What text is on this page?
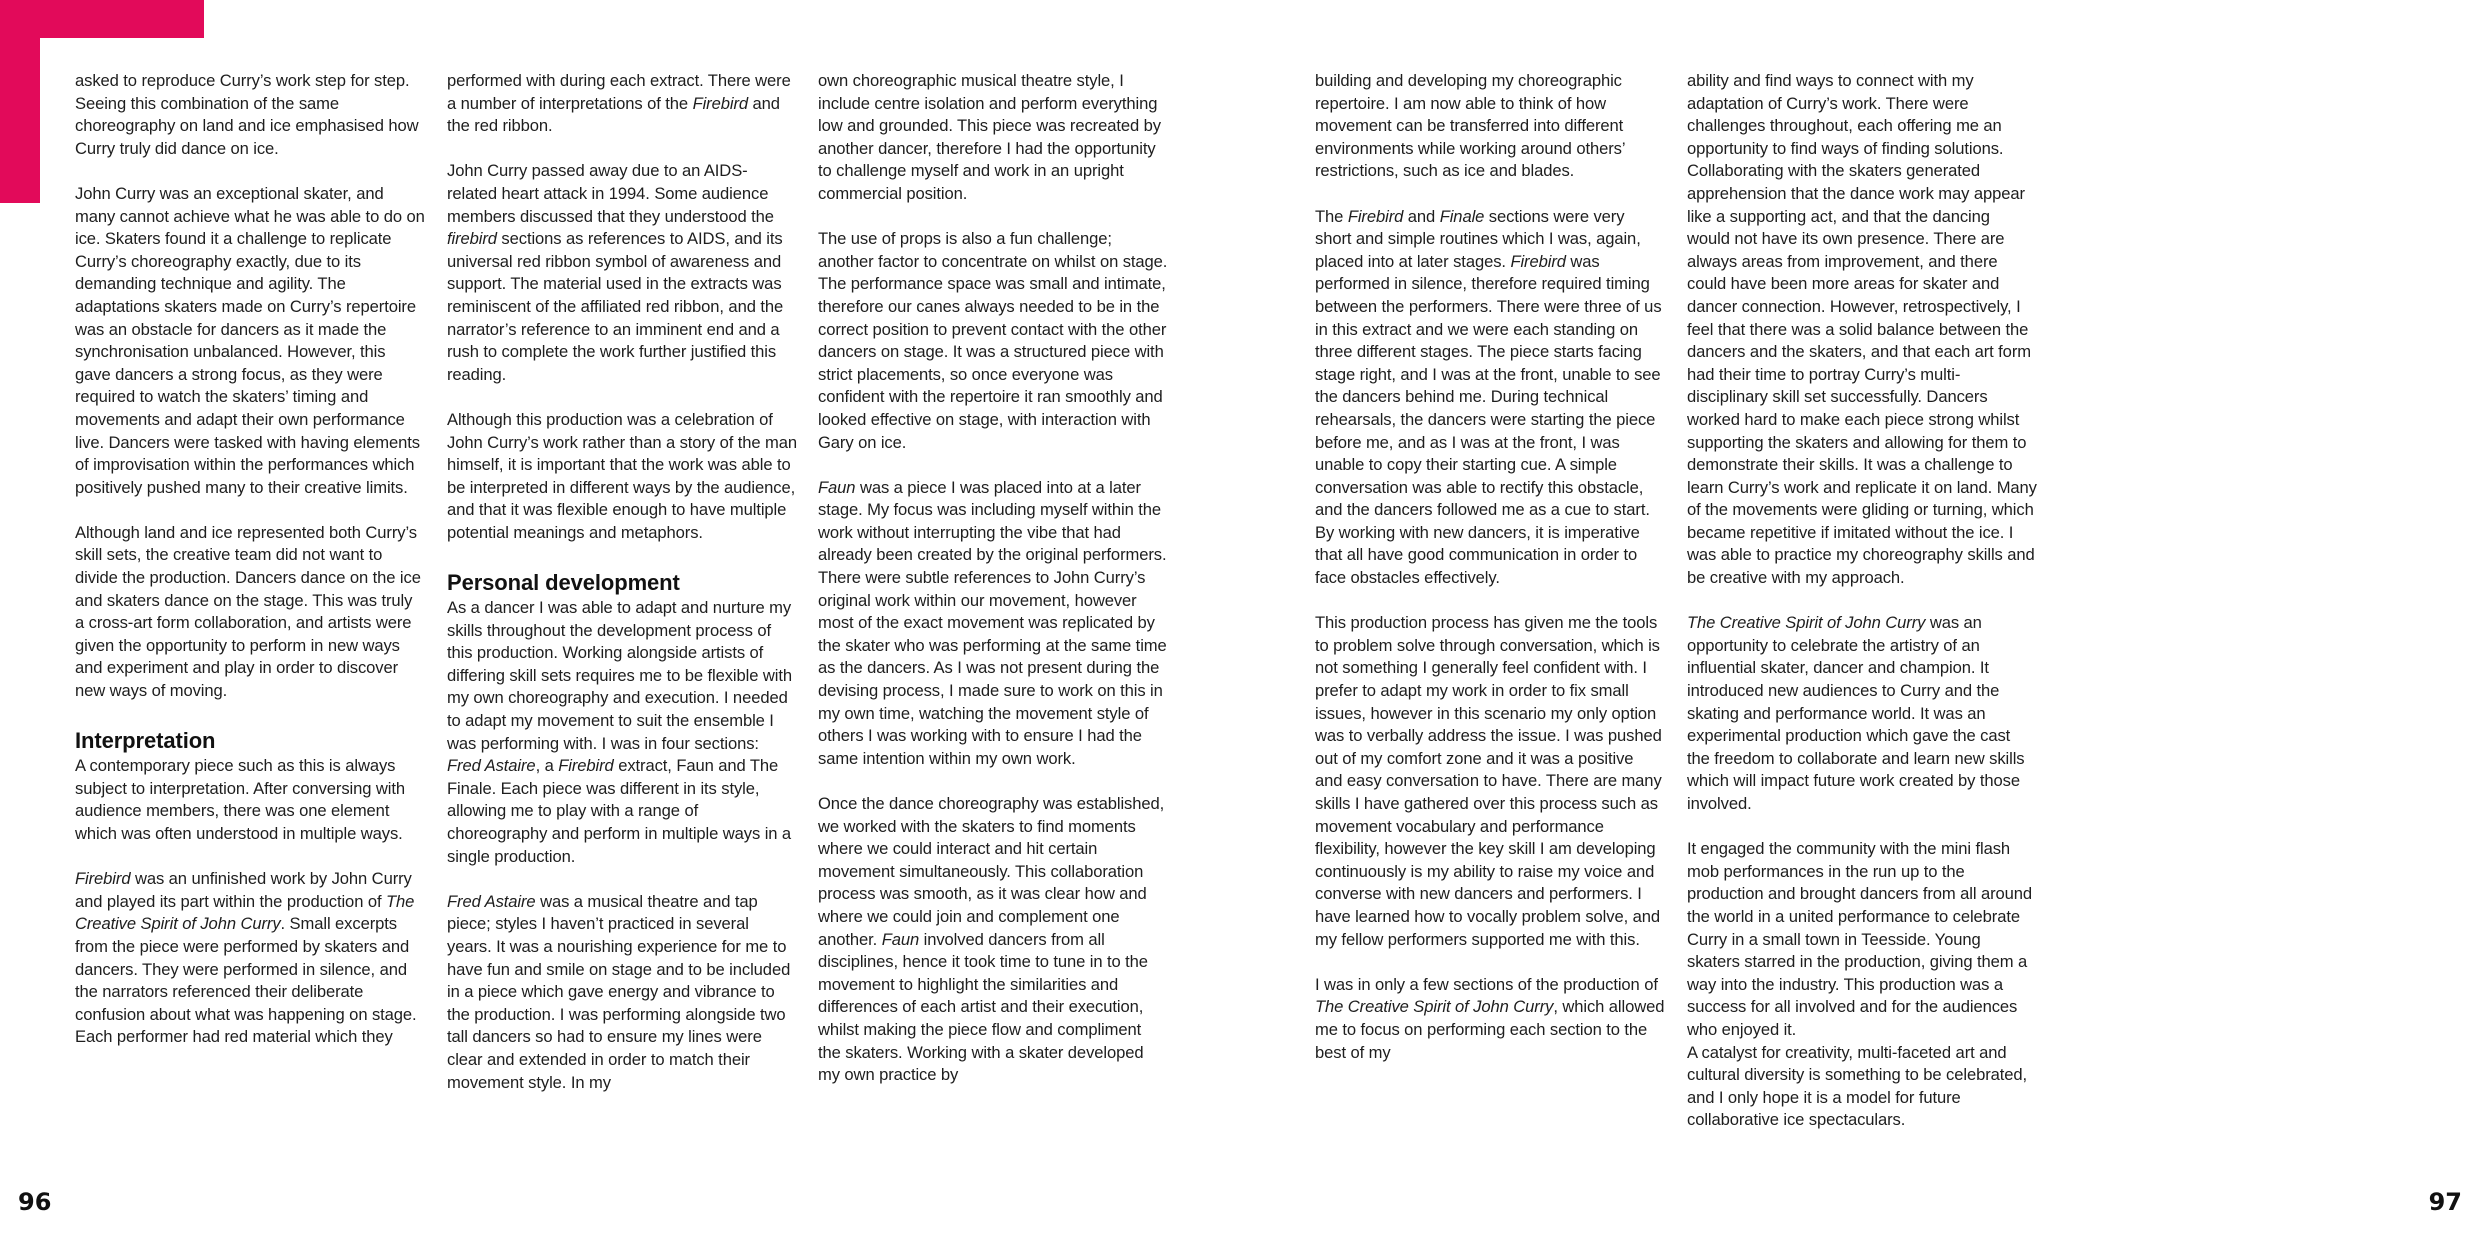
asked to reproduce Curry’s work step for step. Seeing this combination of the same choreography on land and ice emphasised how Curry truly did dance on ice.

John Curry was an exceptional skater, and many cannot achieve what he was able to do on ice. Skaters found it a challenge to replicate Curry’s choreography exactly, due to its demanding technique and agility. The adaptations skaters made on Curry’s repertoire was an obstacle for dancers as it made the synchronisation unbalanced. However, this gave dancers a strong focus, as they were required to watch the skaters’ timing and movements and adapt their own performance live. Dancers were tasked with having elements of improvisation within the performances which positively pushed many to their creative limits.

Although land and ice represented both Curry’s skill sets, the creative team did not want to divide the production. Dancers dance on the ice and skaters dance on the stage. This was truly a cross-art form collaboration, and artists were given the opportunity to perform in new ways and experiment and play in order to discover new ways of moving.

Interpretation

A contemporary piece such as this is always subject to interpretation. After conversing with audience members, there was one element which was often understood in multiple ways.

Firebird was an unfinished work by John Curry and played its part within the production of The Creative Spirit of John Curry. Small excerpts from the piece were performed by skaters and dancers. They were performed in silence, and the narrators referenced their deliberate confusion about what was happening on stage. Each performer had red material which they

performed with during each extract. There were a number of interpretations of the Firebird and the red ribbon.

John Curry passed away due to an AIDS-related heart attack in 1994. Some audience members discussed that they understood the firebird sections as references to AIDS, and its universal red ribbon symbol of awareness and support. The material used in the extracts was reminiscent of the affiliated red ribbon, and the narrator’s reference to an imminent end and a rush to complete the work further justified this reading.

Although this production was a celebration of John Curry’s work rather than a story of the man himself, it is important that the work was able to be interpreted in different ways by the audience, and that it was flexible enough to have multiple potential meanings and metaphors.

Personal development

As a dancer I was able to adapt and nurture my skills throughout the development process of this production. Working alongside artists of differing skill sets requires me to be flexible with my own choreography and execution. I needed to adapt my movement to suit the ensemble I was performing with. I was in four sections: Fred Astaire, a Firebird extract, Faun and The Finale. Each piece was different in its style, allowing me to play with a range of choreography and perform in multiple ways in a single production.

Fred Astaire was a musical theatre and tap piece; styles I haven’t practiced in several years. It was a nourishing experience for me to have fun and smile on stage and to be included in a piece which gave energy and vibrance to the production. I was performing alongside two tall dancers so had to ensure my lines were clear and extended in order to match their movement style. In my

own choreographic musical theatre style, I include centre isolation and perform everything low and grounded. This piece was recreated by another dancer, therefore I had the opportunity to challenge myself and work in an upright commercial position.

The use of props is also a fun challenge; another factor to concentrate on whilst on stage. The performance space was small and intimate, therefore our canes always needed to be in the correct position to prevent contact with the other dancers on stage. It was a structured piece with strict placements, so once everyone was confident with the repertoire it ran smoothly and looked effective on stage, with interaction with Gary on ice.

Faun was a piece I was placed into at a later stage. My focus was including myself within the work without interrupting the vibe that had already been created by the original performers. There were subtle references to John Curry’s original work within our movement, however most of the exact movement was replicated by the skater who was performing at the same time as the dancers. As I was not present during the devising process, I made sure to work on this in my own time, watching the movement style of others I was working with to ensure I had the same intention within my own work.

Once the dance choreography was established, we worked with the skaters to find moments where we could interact and hit certain movement simultaneously. This collaboration process was smooth, as it was clear how and where we could join and complement one another. Faun involved dancers from all disciplines, hence it took time to tune in to the movement to highlight the similarities and differences of each artist and their execution, whilst making the piece flow and compliment the skaters. Working with a skater developed my own practice by

building and developing my choreographic repertoire. I am now able to think of how movement can be transferred into different environments while working around others’ restrictions, such as ice and blades.

The Firebird and Finale sections were very short and simple routines which I was, again, placed into at later stages. Firebird was performed in silence, therefore required timing between the performers. There were three of us in this extract and we were each standing on three different stages. The piece starts facing stage right, and I was at the front, unable to see the dancers behind me. During technical rehearsals, the dancers were starting the piece before me, and as I was at the front, I was unable to copy their starting cue. A simple conversation was able to rectify this obstacle, and the dancers followed me as a cue to start. By working with new dancers, it is imperative that all have good communication in order to face obstacles effectively.

This production process has given me the tools to problem solve through conversation, which is not something I generally feel confident with. I prefer to adapt my work in order to fix small issues, however in this scenario my only option was to verbally address the issue. I was pushed out of my comfort zone and it was a positive and easy conversation to have. There are many skills I have gathered over this process such as movement vocabulary and performance flexibility, however the key skill I am developing continuously is my ability to raise my voice and converse with new dancers and performers. I have learned how to vocally problem solve, and my fellow performers supported me with this.

I was in only a few sections of the production of The Creative Spirit of John Curry, which allowed me to focus on performing each section to the best of my

ability and find ways to connect with my adaptation of Curry’s work. There were challenges throughout, each offering me an opportunity to find ways of finding solutions. Collaborating with the skaters generated apprehension that the dance work may appear like a supporting act, and that the dancing would not have its own presence. There are always areas from improvement, and there could have been more areas for skater and dancer connection. However, retrospectively, I feel that there was a solid balance between the dancers and the skaters, and that each art form had their time to portray Curry’s multi-disciplinary skill set successfully. Dancers worked hard to make each piece strong whilst supporting the skaters and allowing for them to demonstrate their skills. It was a challenge to learn Curry’s work and replicate it on land. Many of the movements were gliding or turning, which became repetitive if imitated without the ice. I was able to practice my choreography skills and be creative with my approach.

The Creative Spirit of John Curry was an opportunity to celebrate the artistry of an influential skater, dancer and champion. It introduced new audiences to Curry and the skating and performance world. It was an experimental production which gave the cast the freedom to collaborate and learn new skills which will impact future work created by those involved.

It engaged the community with the mini flash mob performances in the run up to the production and brought dancers from all around the world in a united performance to celebrate Curry in a small town in Teesside. Young skaters starred in the production, giving them a way into the industry. This production was a success for all involved and for the audiences who enjoyed it.

A catalyst for creativity, multi-faceted art and cultural diversity is something to be celebrated, and I only hope it is a model for future collaborative ice spectaculars.

96	97
